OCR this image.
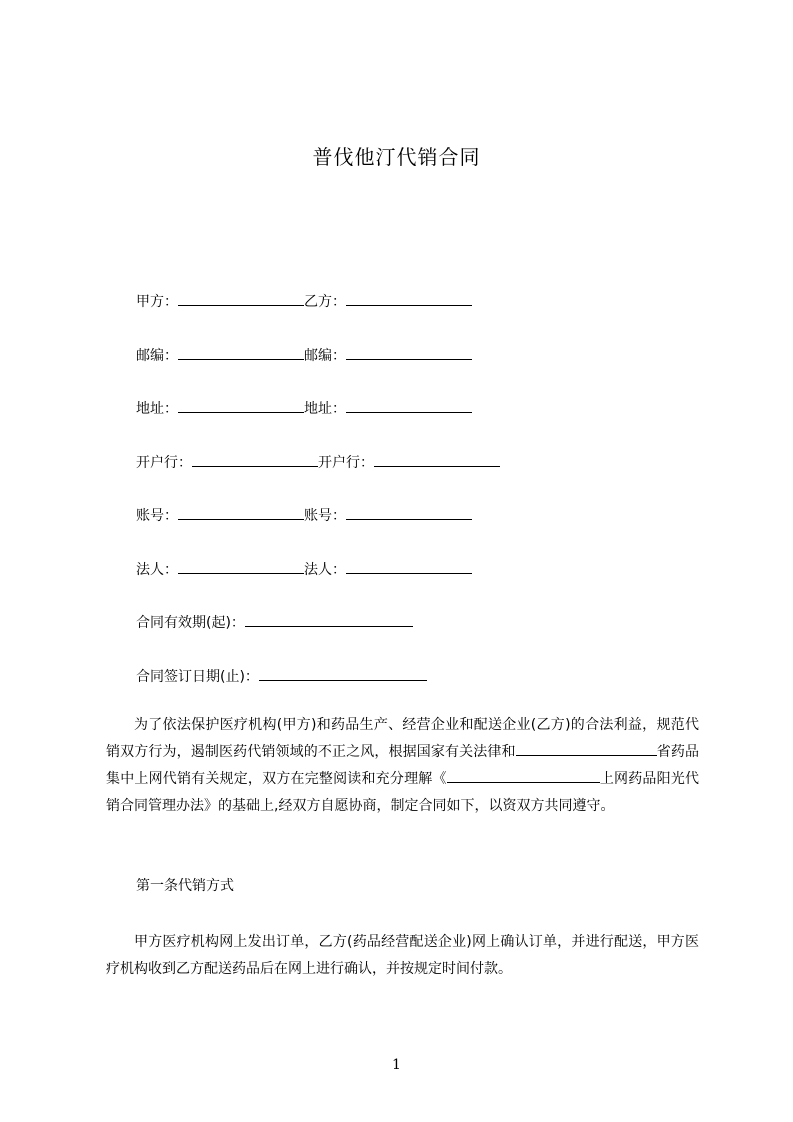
普伐他汀代销合同
甲方：	乙方：
邮编：	邮编：
地址：	地址：
开户行：	开户行：
账号：	账号：
法人：	法人：
合同有效期(起)：
合同签订日期(止)：
为了依法保护医疗机构(甲方)和药品生产、经营企业和配送企业(乙方)的合法利益，规范代销双方行为，遏制医药代销领域的不正之风，根据国家有关法律和	省药品集中上网代销有关规定，双方在完整阅读和充分理解《	上网药品阳光代销合同管理办法》的基础上,经双方自愿协商，制定合同如下，以资双方共同遵守。
第一条代销方式
甲方医疗机构网上发出订单，乙方(药品经营配送企业)网上确认订单，并进行配送，甲方医疗机构收到乙方配送药品后在网上进行确认，并按规定时间付款。
1
